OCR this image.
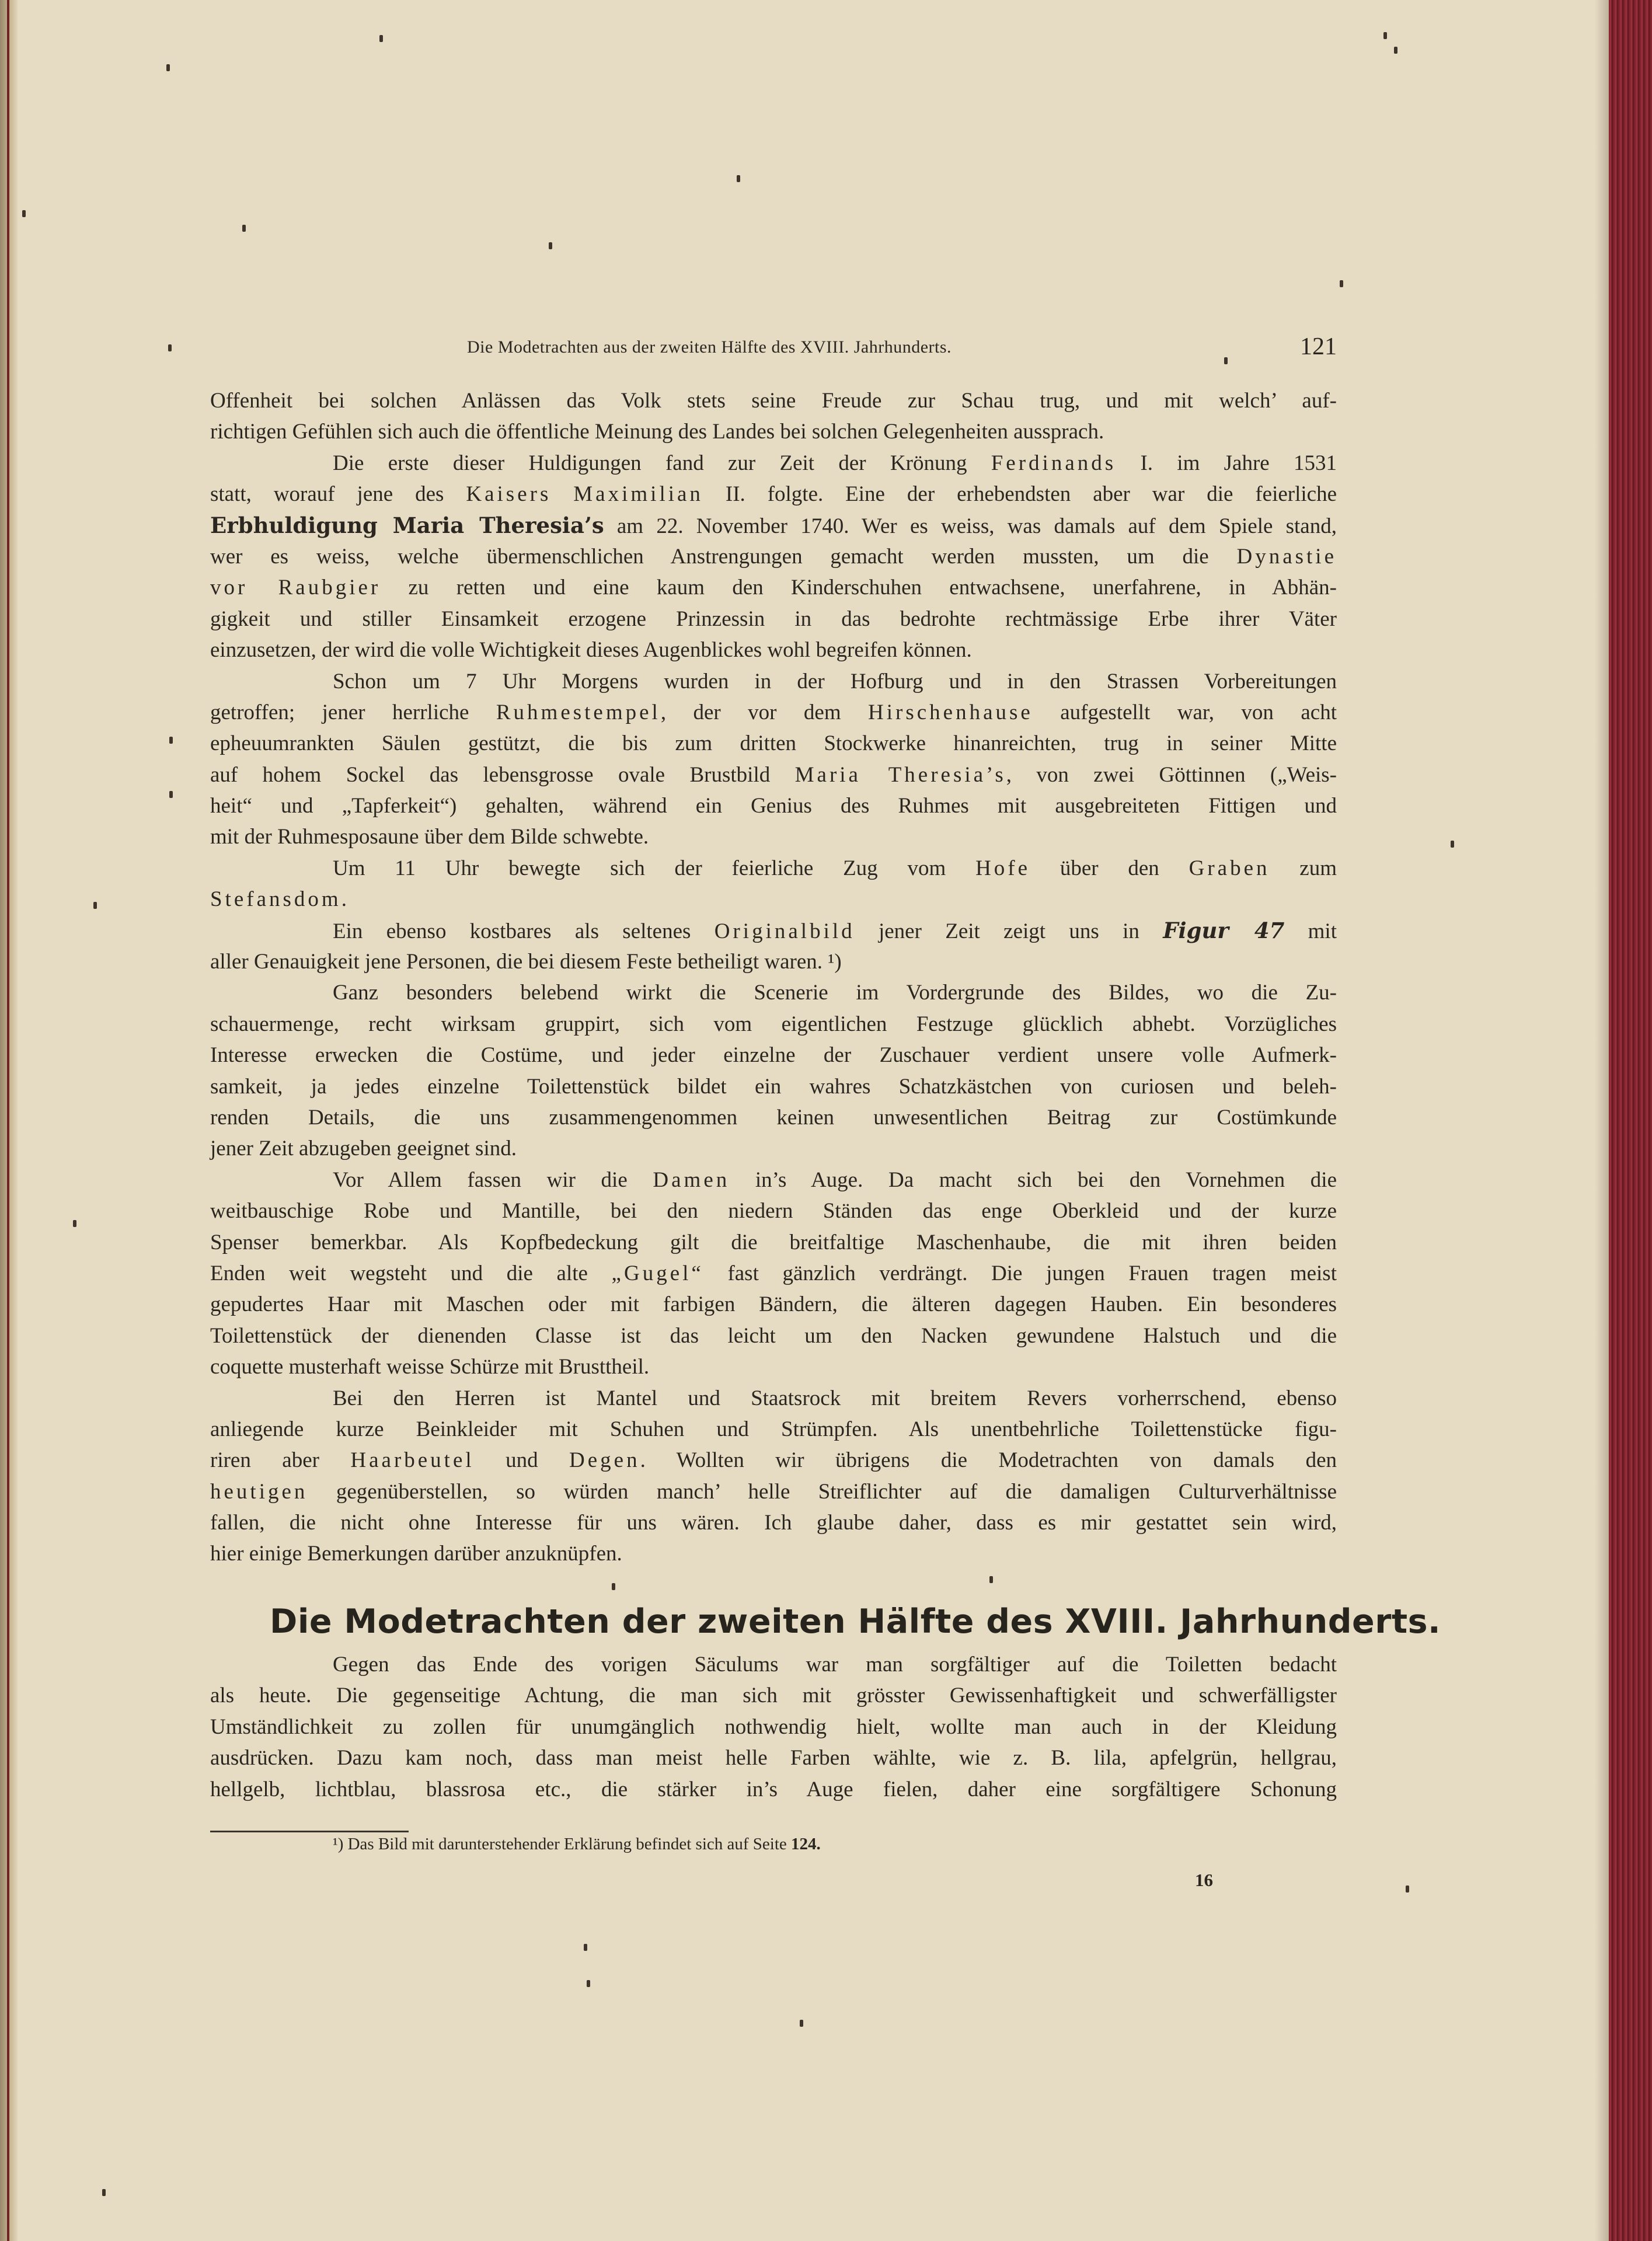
Die Modetrachten aus der zweiten Hälfte des XVIII. Jahrhunderts.	121
Offenheit bei solchen Anlässen das Volk stets seine Freude zur Schau trug, und mit welch’ auf-
richtigen Gefühlen sich auch die öffentliche Meinung des Landes bei solchen Gelegenheiten aussprach.
Die erste dieser Huldigungen fand zur Zeit der Krönung Ferdinands I. im Jahre 1531
statt, worauf jene des Kaisers Maximilian II. folgte. Eine der erhebendsten aber war die feierliche
Erbhuldigung Maria Theresia’s am 22. November 1740. Wer es weiss, was damals auf dem Spiele stand,
wer es weiss, welche übermenschlichen Anstrengungen gemacht werden mussten, um die Dynastie
vor Raubgier zu retten und eine kaum den Kinderschuhen entwachsene, unerfahrene, in Abhän-
gigkeit und stiller Einsamkeit erzogene Prinzessin in das bedrohte rechtmässige Erbe ihrer Väter
einzusetzen, der wird die volle Wichtigkeit dieses Augenblickes wohl begreifen können.
Schon um 7 Uhr Morgens wurden in der Hofburg und in den Strassen Vorbereitungen
getroffen; jener herrliche Ruhmestempel, der vor dem Hirschenhause aufgestellt war, von acht
epheuumrankten Säulen gestützt, die bis zum dritten Stockwerke hinanreichten, trug in seiner Mitte
auf hohem Sockel das lebensgrosse ovale Brustbild Maria Theresia’s, von zwei Göttinnen („Weis-
heit“ und „Tapferkeit“) gehalten, während ein Genius des Ruhmes mit ausgebreiteten Fittigen und
mit der Ruhmesposaune über dem Bilde schwebte.
Um 11 Uhr bewegte sich der feierliche Zug vom Hofe über den Graben zum
Stefansdom.
Ein ebenso kostbares als seltenes Originalbild jener Zeit zeigt uns in Figur 47 mit
aller Genauigkeit jene Personen, die bei diesem Feste betheiligt waren. ¹)
Ganz besonders belebend wirkt die Scenerie im Vordergrunde des Bildes, wo die Zu-
schauermenge, recht wirksam gruppirt, sich vom eigentlichen Festzuge glücklich abhebt. Vorzügliches
Interesse erwecken die Costüme, und jeder einzelne der Zuschauer verdient unsere volle Aufmerk-
samkeit, ja jedes einzelne Toilettenstück bildet ein wahres Schatzkästchen von curiosen und beleh-
renden Details, die uns zusammengenommen keinen unwesentlichen Beitrag zur Costümkunde
jener Zeit abzugeben geeignet sind.
Vor Allem fassen wir die Damen in’s Auge. Da macht sich bei den Vornehmen die
weitbauschige Robe und Mantille, bei den niedern Ständen das enge Oberkleid und der kurze
Spenser bemerkbar. Als Kopfbedeckung gilt die breitfaltige Maschenhaube, die mit ihren beiden
Enden weit wegsteht und die alte „Gugel“ fast gänzlich verdrängt. Die jungen Frauen tragen meist
gepudertes Haar mit Maschen oder mit farbigen Bändern, die älteren dagegen Hauben. Ein besonderes
Toilettenstück der dienenden Classe ist das leicht um den Nacken gewundene Halstuch und die
coquette musterhaft weisse Schürze mit Brusttheil.
Bei den Herren ist Mantel und Staatsrock mit breitem Revers vorherrschend, ebenso
anliegende kurze Beinkleider mit Schuhen und Strümpfen. Als unentbehrliche Toilettenstücke figu-
riren aber Haarbeutel und Degen. Wollten wir übrigens die Modetrachten von damals den
heutigen gegenüberstellen, so würden manch’ helle Streiflichter auf die damaligen Culturverhältnisse
fallen, die nicht ohne Interesse für uns wären. Ich glaube daher, dass es mir gestattet sein wird,
hier einige Bemerkungen darüber anzuknüpfen.
Die Modetrachten der zweiten Hälfte des XVIII. Jahrhunderts.
Gegen das Ende des vorigen Säculums war man sorgfältiger auf die Toiletten bedacht
als heute. Die gegenseitige Achtung, die man sich mit grösster Gewissenhaftigkeit und schwerfälligster
Umständlichkeit zu zollen für unumgänglich nothwendig hielt, wollte man auch in der Kleidung
ausdrücken. Dazu kam noch, dass man meist helle Farben wählte, wie z. B. lila, apfelgrün, hellgrau,
hellgelb, lichtblau, blassrosa etc., die stärker in’s Auge fielen, daher eine sorgfältigere Schonung
¹) Das Bild mit darunterstehender Erklärung befindet sich auf Seite 124.
16
